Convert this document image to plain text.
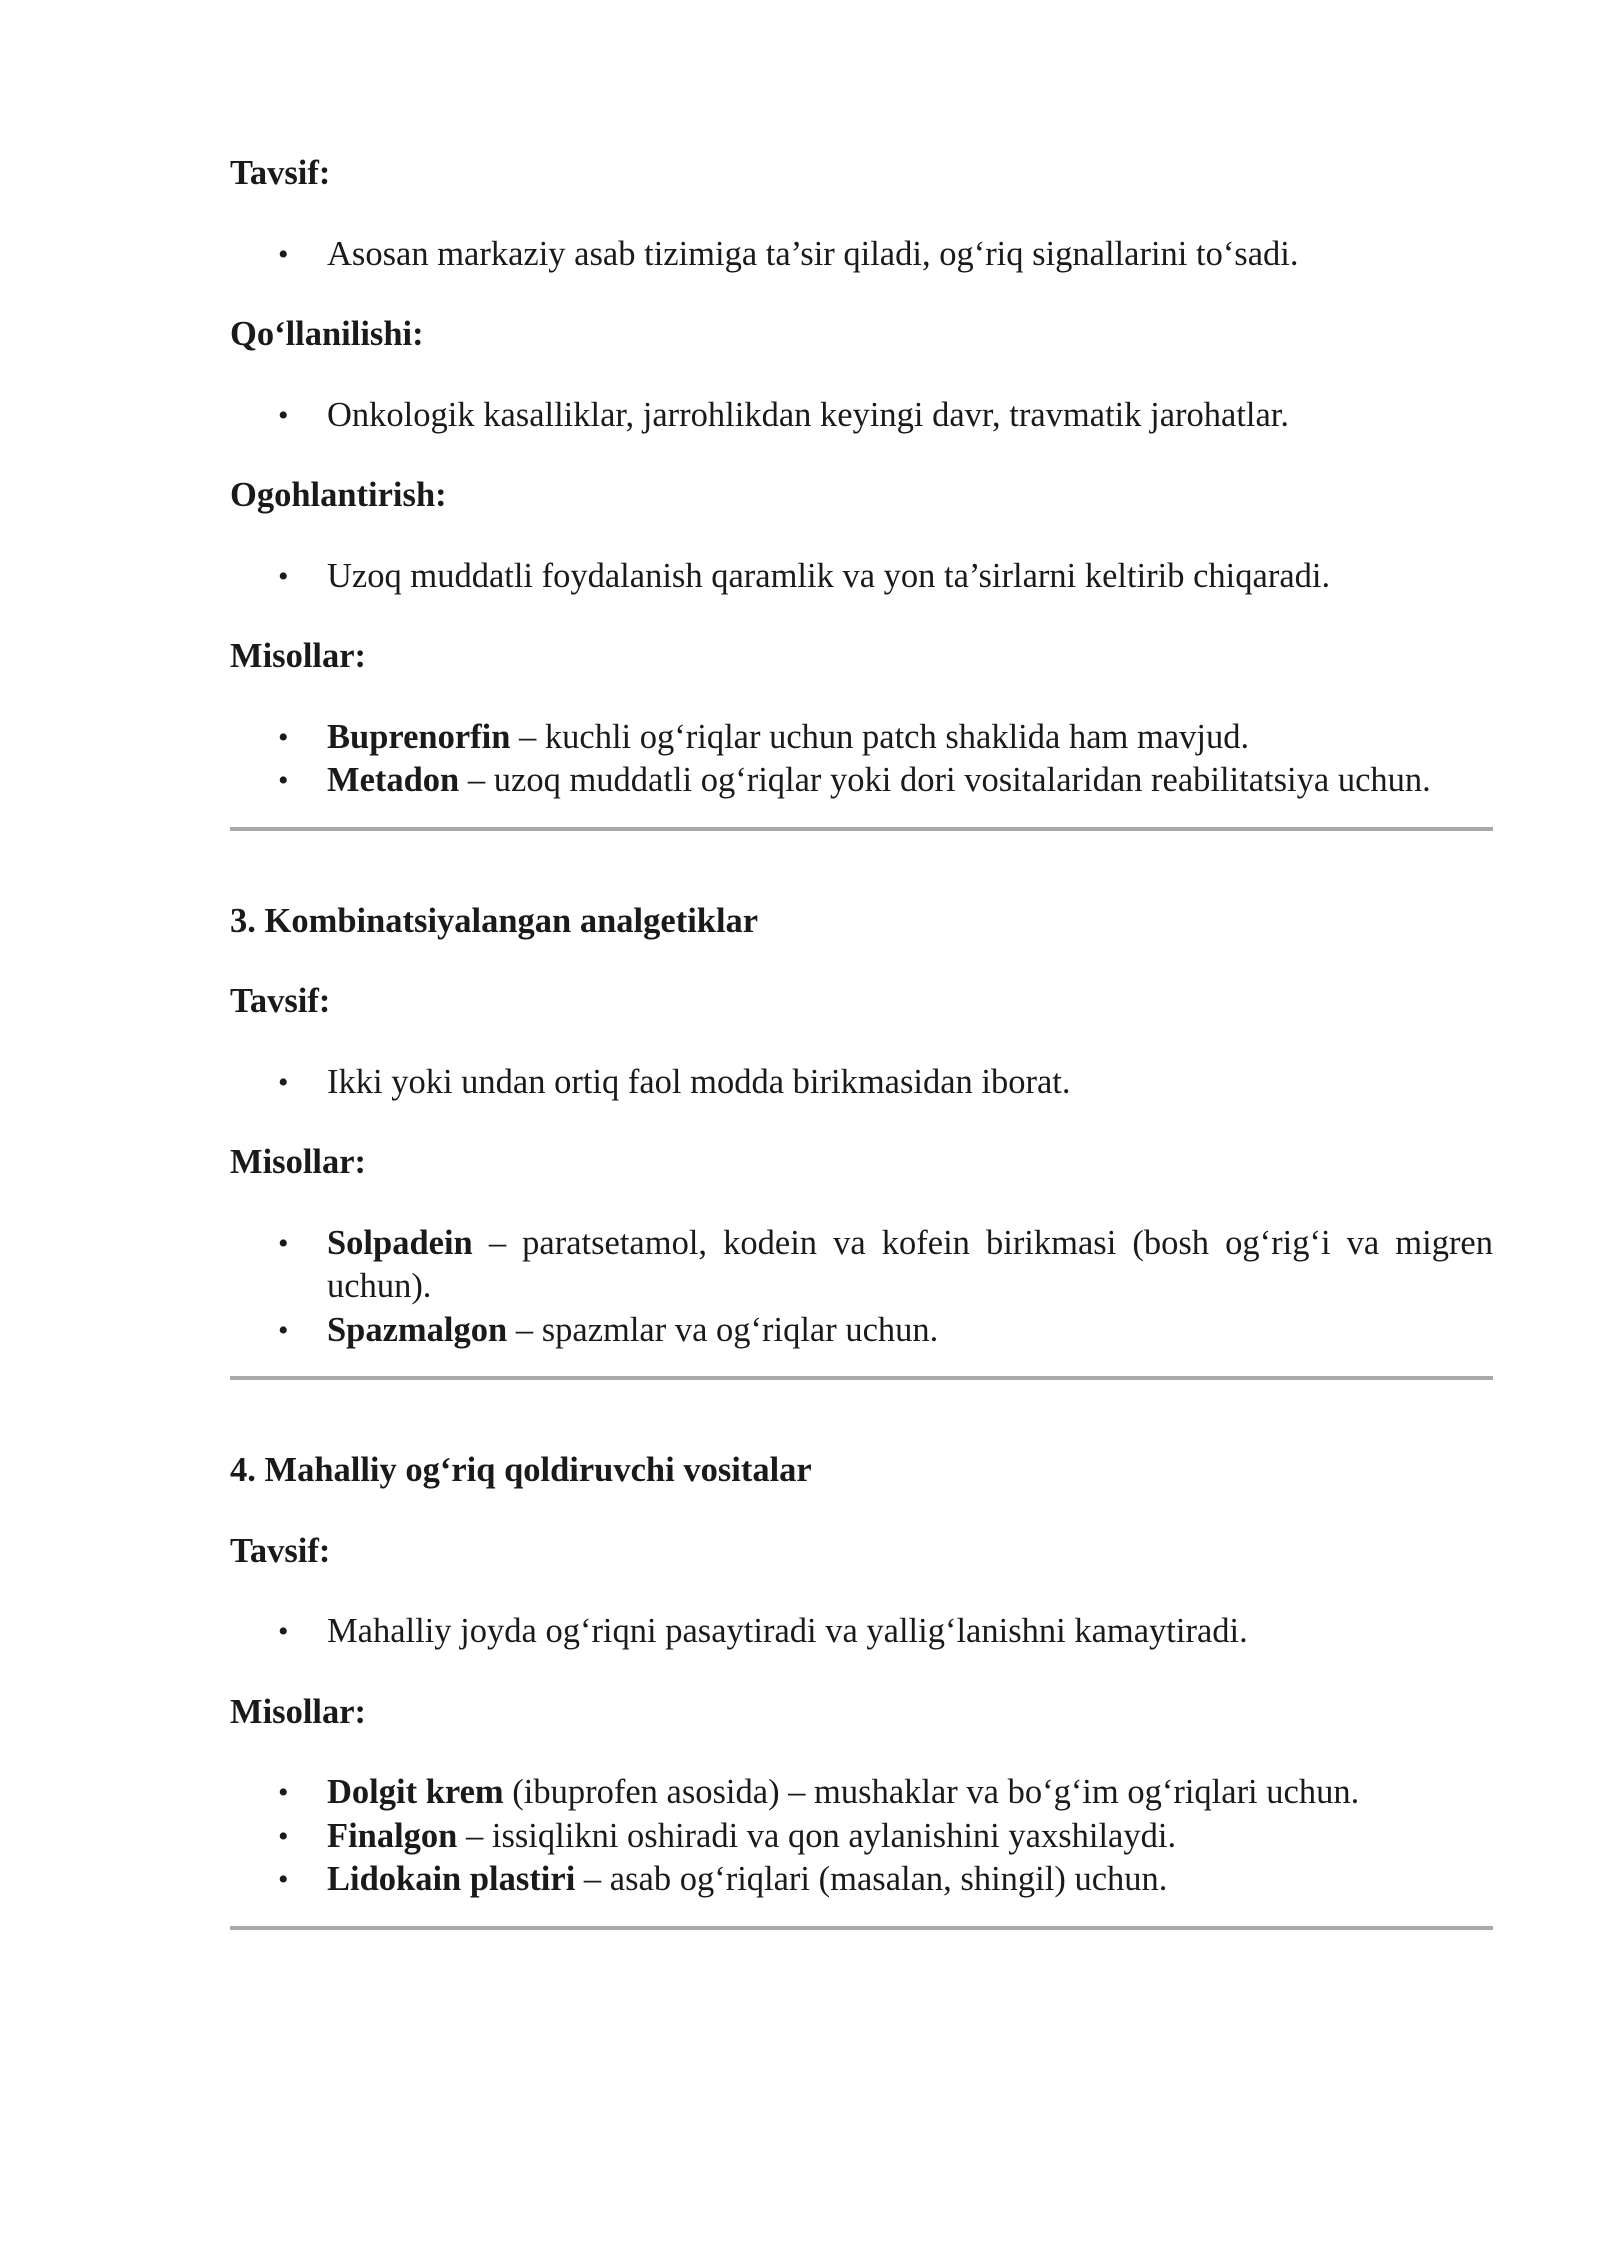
Tavsif:

• Asosan markaziy asab tizimiga ta’sir qiladi, og‘riq signallarini to‘sadi.

Qo‘llanilishi:

• Onkologik kasalliklar, jarrohlikdan keyingi davr, travmatik jarohatlar.

Ogohlantirish:

• Uzoq muddatli foydalanish qaramlik va yon ta’sirlarni keltirib chiqaradi.

Misollar:

• Buprenorfin – kuchli og‘riqlar uchun patch shaklida ham mavjud.
• Metadon – uzoq muddatli og‘riqlar yoki dori vositalaridan reabilitatsiya uchun.

3. Kombinatsiyalangan analgetiklar

Tavsif:

• Ikki yoki undan ortiq faol modda birikmasidan iborat.

Misollar:

• Solpadein – paratsetamol, kodein va kofein birikmasi (bosh og‘rig‘i va migren uchun).
• Spazmalgon – spazmlar va og‘riqlar uchun.

4. Mahalliy og‘riq qoldiruvchi vositalar

Tavsif:

• Mahalliy joyda og‘riqni pasaytiradi va yallig‘lanishni kamaytiradi.

Misollar:

• Dolgit krem (ibuprofen asosida) – mushaklar va bo‘g‘im og‘riqlari uchun.
• Finalgon – issiqlikni oshiradi va qon aylanishini yaxshilaydi.
• Lidokain plastiri – asab og‘riqlari (masalan, shingil) uchun.
